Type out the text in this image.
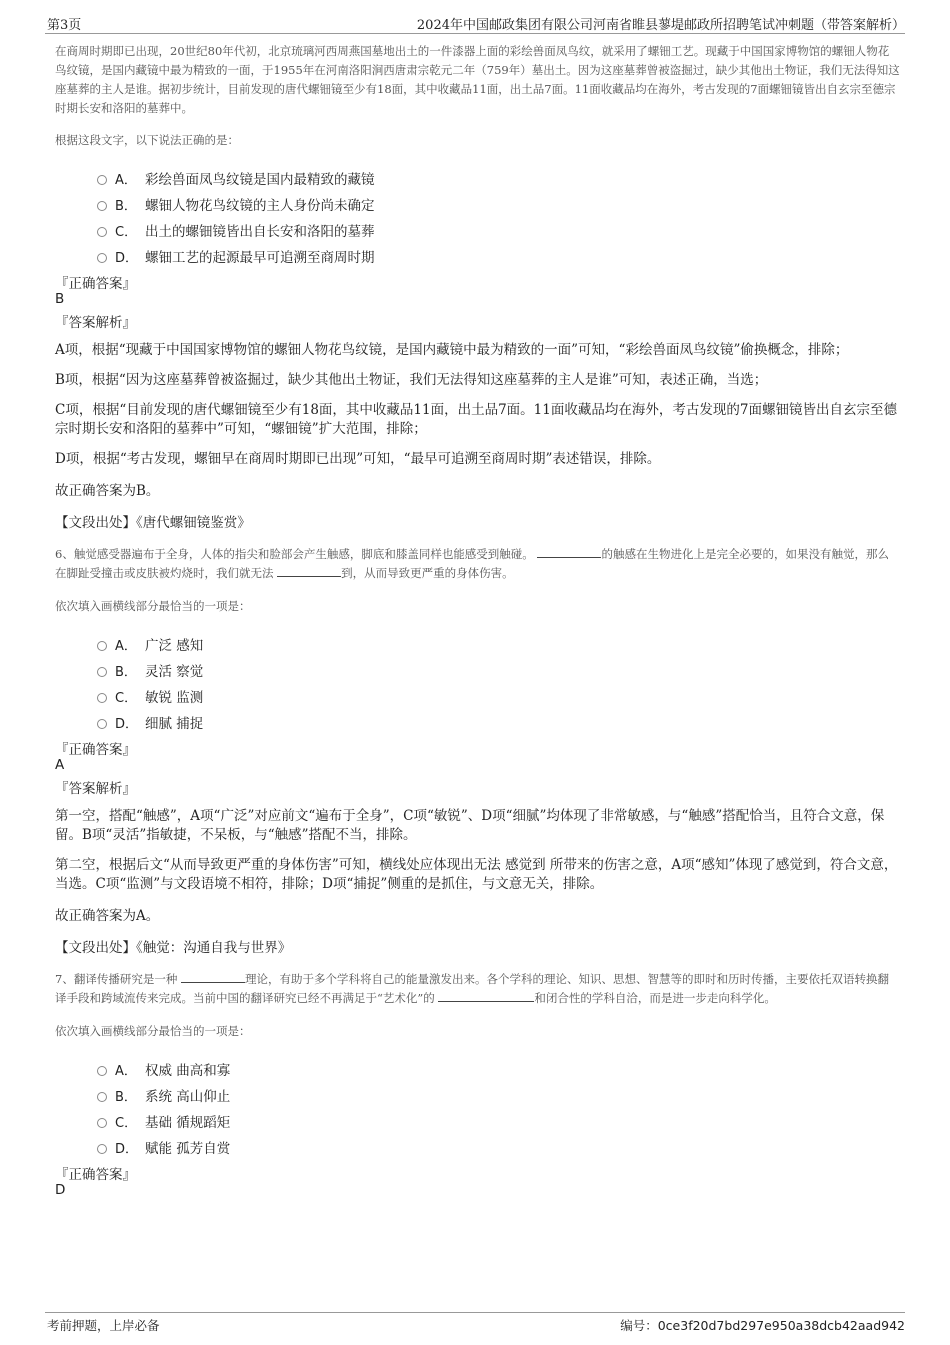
第3页	2024年中国邮政集团有限公司河南省睢县蓼堤邮政所招聘笔试冲刺题（带答案解析）

在商周时期即已出现，20世纪80年代初，北京琉璃河西周燕国墓地出土的一件漆器上面的彩绘兽面凤鸟纹，就采用了螺钿工艺。现藏于中国国家博物馆的螺钿人物花鸟纹镜，是国内藏镜中最为精致的一面，于1955年在河南洛阳涧西唐肃宗乾元二年（759年）墓出土。因为这座墓葬曾被盗掘过，缺少其他出土物证，我们无法得知这座墓葬的主人是谁。据初步统计，目前发现的唐代螺钿镜至少有18面，其中收藏品11面，出土品7面。11面收藏品均在海外，考古发现的7面螺钿镜皆出自玄宗至德宗时期长安和洛阳的墓葬中。

根据这段文字，以下说法正确的是：

A． 彩绘兽面凤鸟纹镜是国内最精致的藏镜
B． 螺钿人物花鸟纹镜的主人身份尚未确定
C． 出土的螺钿镜皆出自长安和洛阳的墓葬
D． 螺钿工艺的起源最早可追溯至商周时期

『正确答案』

B

『答案解析』

A项，根据“现藏于中国国家博物馆的螺钿人物花鸟纹镜，是国内藏镜中最为精致的一面”可知，“彩绘兽面凤鸟纹镜”偷换概念，排除；

B项，根据“因为这座墓葬曾被盗掘过，缺少其他出土物证，我们无法得知这座墓葬的主人是谁”可知，表述正确，当选；

C项，根据“目前发现的唐代螺钿镜至少有18面，其中收藏品11面，出土品7面。11面收藏品均在海外，考古发现的7面螺钿镜皆出自玄宗至德宗时期长安和洛阳的墓葬中”可知，“螺钿镜”扩大范围，排除；

D项，根据“考古发现，螺钿早在商周时期即已出现”可知，“最早可追溯至商周时期”表述错误，排除。

故正确答案为B。

【文段出处】《唐代螺钿镜鉴赏》

6、触觉感受器遍布于全身，人体的指尖和脸部会产生触感，脚底和膝盖同样也能感受到触碰。	的触感在生物进化上是完全必要的，如果没有触觉，那么在脚趾受撞击或皮肤被灼烧时，我们就无法	到，从而导致更严重的身体伤害。

依次填入画横线部分最恰当的一项是：

A． 广泛 感知
B． 灵活 察觉
C． 敏锐 监测
D． 细腻 捕捉

『正确答案』

A

『答案解析』

第一空，搭配“触感”，A项“广泛”对应前文“遍布于全身”，C项“敏锐”、D项“细腻”均体现了非常敏感，与“触感”搭配恰当，且符合文意，保留。B项“灵活”指敏捷，不呆板，与“触感”搭配不当，排除。

第二空，根据后文“从而导致更严重的身体伤害”可知，横线处应体现出无法 感觉到 所带来的伤害之意，A项“感知”体现了感觉到，符合文意，当选。C项“监测”与文段语境不相符，排除；D项“捕捉”侧重的是抓住，与文意无关，排除。

故正确答案为A。

【文段出处】《触觉：沟通自我与世界》

7、翻译传播研究是一种	理论，有助于多个学科将自己的能量激发出来。各个学科的理论、知识、思想、智慧等的即时和历时传播，主要依托双语转换翻译手段和跨域流传来完成。当前中国的翻译研究已经不再满足于“艺术化”的	和闭合性的学科自洽，而是进一步走向科学化。

依次填入画横线部分最恰当的一项是：

A． 权威 曲高和寡
B． 系统 高山仰止
C． 基础 循规蹈矩
D． 赋能 孤芳自赏

『正确答案』

D

考前押题，上岸必备	编号：0ce3f20d7bd297e950a38dcb42aad942
